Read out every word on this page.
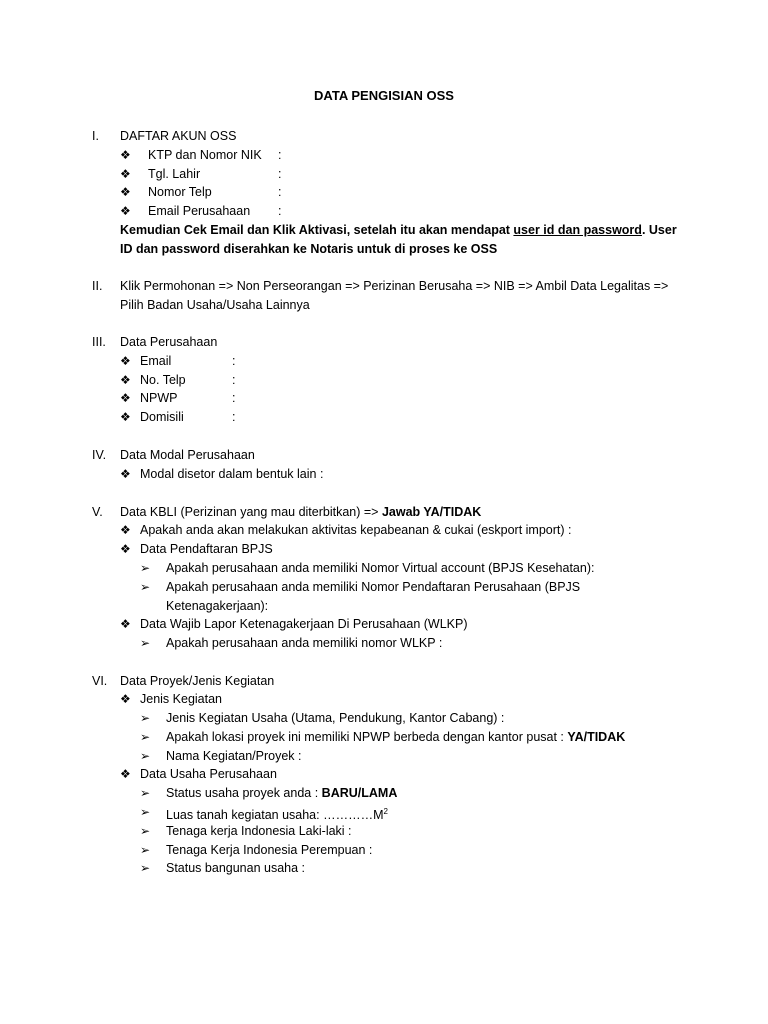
DATA PENGISIAN OSS
I. DAFTAR AKUN OSS
❖ KTP dan Nomor NIK :
❖ Tgl. Lahir	:
❖ Nomor Telp	:
❖ Email Perusahaan :
Kemudian Cek Email dan Klik Aktivasi, setelah itu akan mendapat user id dan password. User
ID dan password diserahkan ke Notaris untuk di proses ke OSS
II. Klik Permohonan => Non Perseorangan => Perizinan Berusaha => NIB => Ambil Data Legalitas =>
Pilih Badan Usaha/Usaha Lainnya
III. Data Perusahaan
❖ Email	:
❖ No. Telp	:
❖ NPWP	:
❖ Domisili	:
IV. Data Modal Perusahaan
❖ Modal disetor dalam bentuk lain :
V. Data KBLI (Perizinan yang mau diterbitkan) => Jawab YA/TIDAK
❖ Apakah anda akan melakukan aktivitas kepabeanan & cukai (eskport import) :
❖ Data Pendaftaran BPJS
➢ Apakah perusahaan anda memiliki Nomor Virtual account (BPJS Kesehatan):
➢ Apakah perusahaan anda memiliki Nomor Pendaftaran Perusahaan (BPJS
Ketenagakerjaan):
❖ Data Wajib Lapor Ketenagakerjaan Di Perusahaan (WLKP)
➢ Apakah perusahaan anda memiliki nomor WLKP :
VI. Data Proyek/Jenis Kegiatan
❖ Jenis Kegiatan
➢ Jenis Kegiatan Usaha (Utama, Pendukung, Kantor Cabang) :
➢ Apakah lokasi proyek ini memiliki NPWP berbeda dengan kantor pusat : YA/TIDAK
➢ Nama Kegiatan/Proyek :
❖ Data Usaha Perusahaan
➢ Status usaha proyek anda : BARU/LAMA
➢ Luas tanah kegiatan usaha: $\dots\dots\dots\dots M^2$
➢ Tenaga kerja Indonesia Laki-laki :
➢ Tenaga Kerja Indonesia Perempuan :
➢ Status bangunan usaha :
